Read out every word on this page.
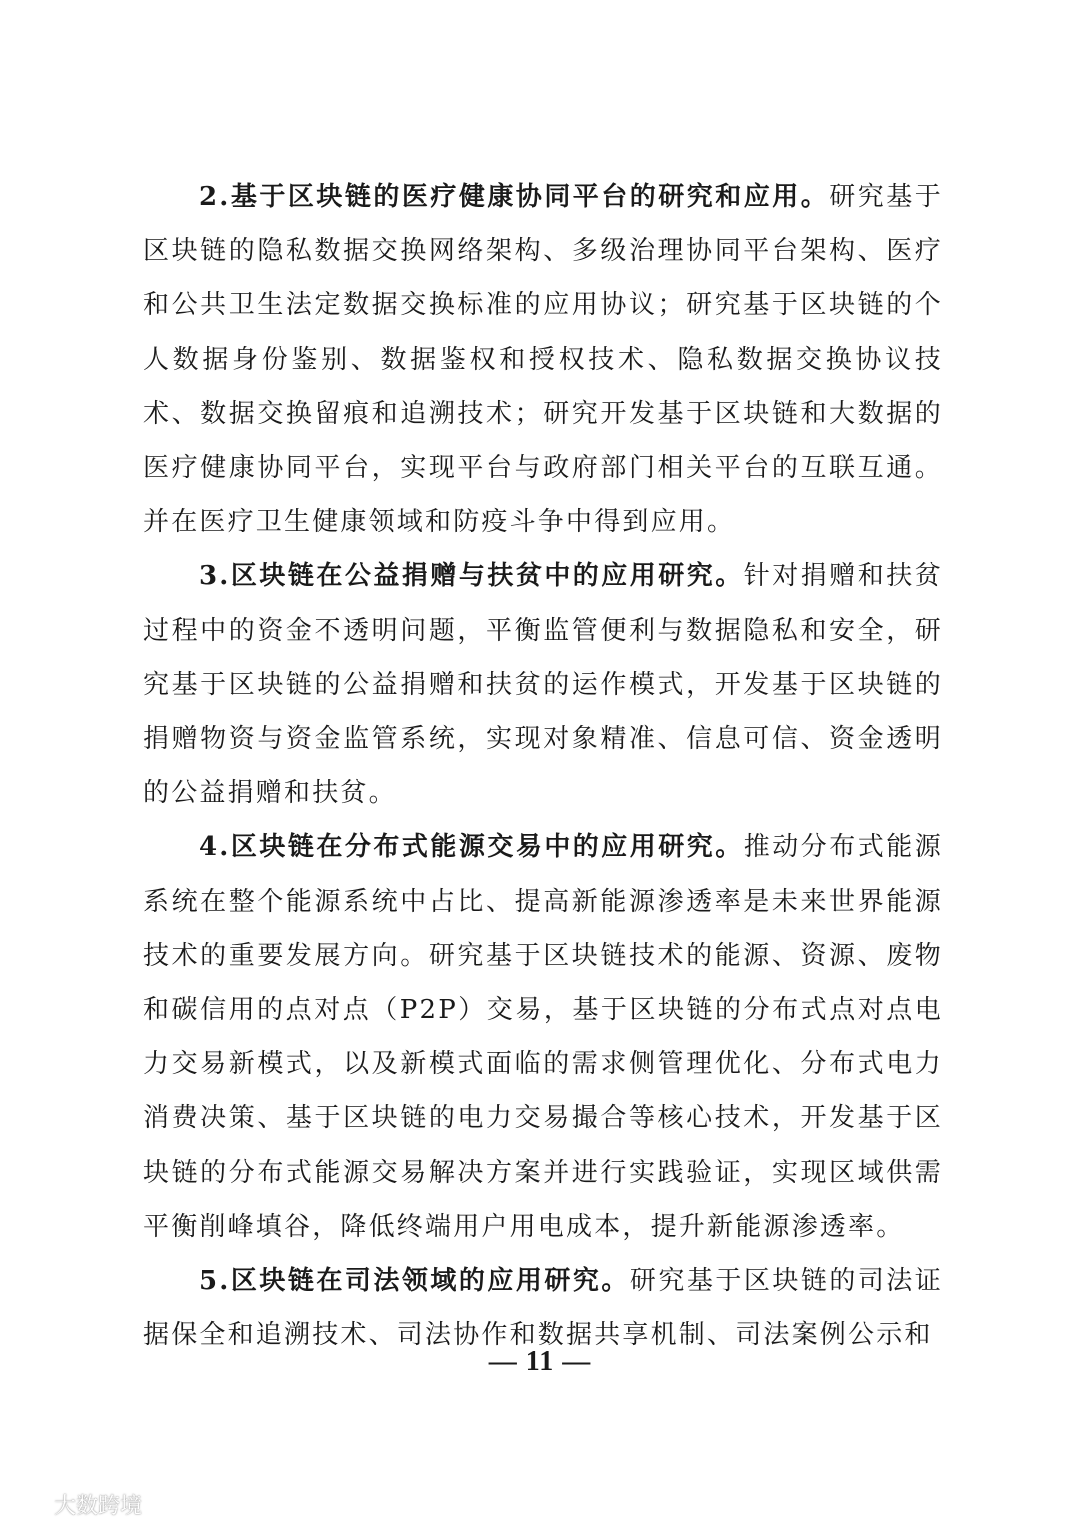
2.基于区块链的医疗健康协同平台的研究和应用。研究基于区块链的隐私数据交换网络架构、多级治理协同平台架构、医疗和公共卫生法定数据交换标准的应用协议；研究基于区块链的个人数据身份鉴别、数据鉴权和授权技术、隐私数据交换协议技术、数据交换留痕和追溯技术；研究开发基于区块链和大数据的医疗健康协同平台，实现平台与政府部门相关平台的互联互通。并在医疗卫生健康领域和防疫斗争中得到应用。

3.区块链在公益捐赠与扶贫中的应用研究。针对捐赠和扶贫过程中的资金不透明问题，平衡监管便利与数据隐私和安全，研究基于区块链的公益捐赠和扶贫的运作模式，开发基于区块链的捐赠物资与资金监管系统，实现对象精准、信息可信、资金透明的公益捐赠和扶贫。

4.区块链在分布式能源交易中的应用研究。推动分布式能源系统在整个能源系统中占比、提高新能源渗透率是未来世界能源技术的重要发展方向。研究基于区块链技术的能源、资源、废物和碳信用的点对点（P2P）交易，基于区块链的分布式点对点电力交易新模式，以及新模式面临的需求侧管理优化、分布式电力消费决策、基于区块链的电力交易撮合等核心技术，开发基于区块链的分布式能源交易解决方案并进行实践验证，实现区域供需平衡削峰填谷，降低终端用户用电成本，提升新能源渗透率。

5.区块链在司法领域的应用研究。研究基于区块链的司法证据保全和追溯技术、司法协作和数据共享机制、司法案例公示和

— 11 —
大数跨境
